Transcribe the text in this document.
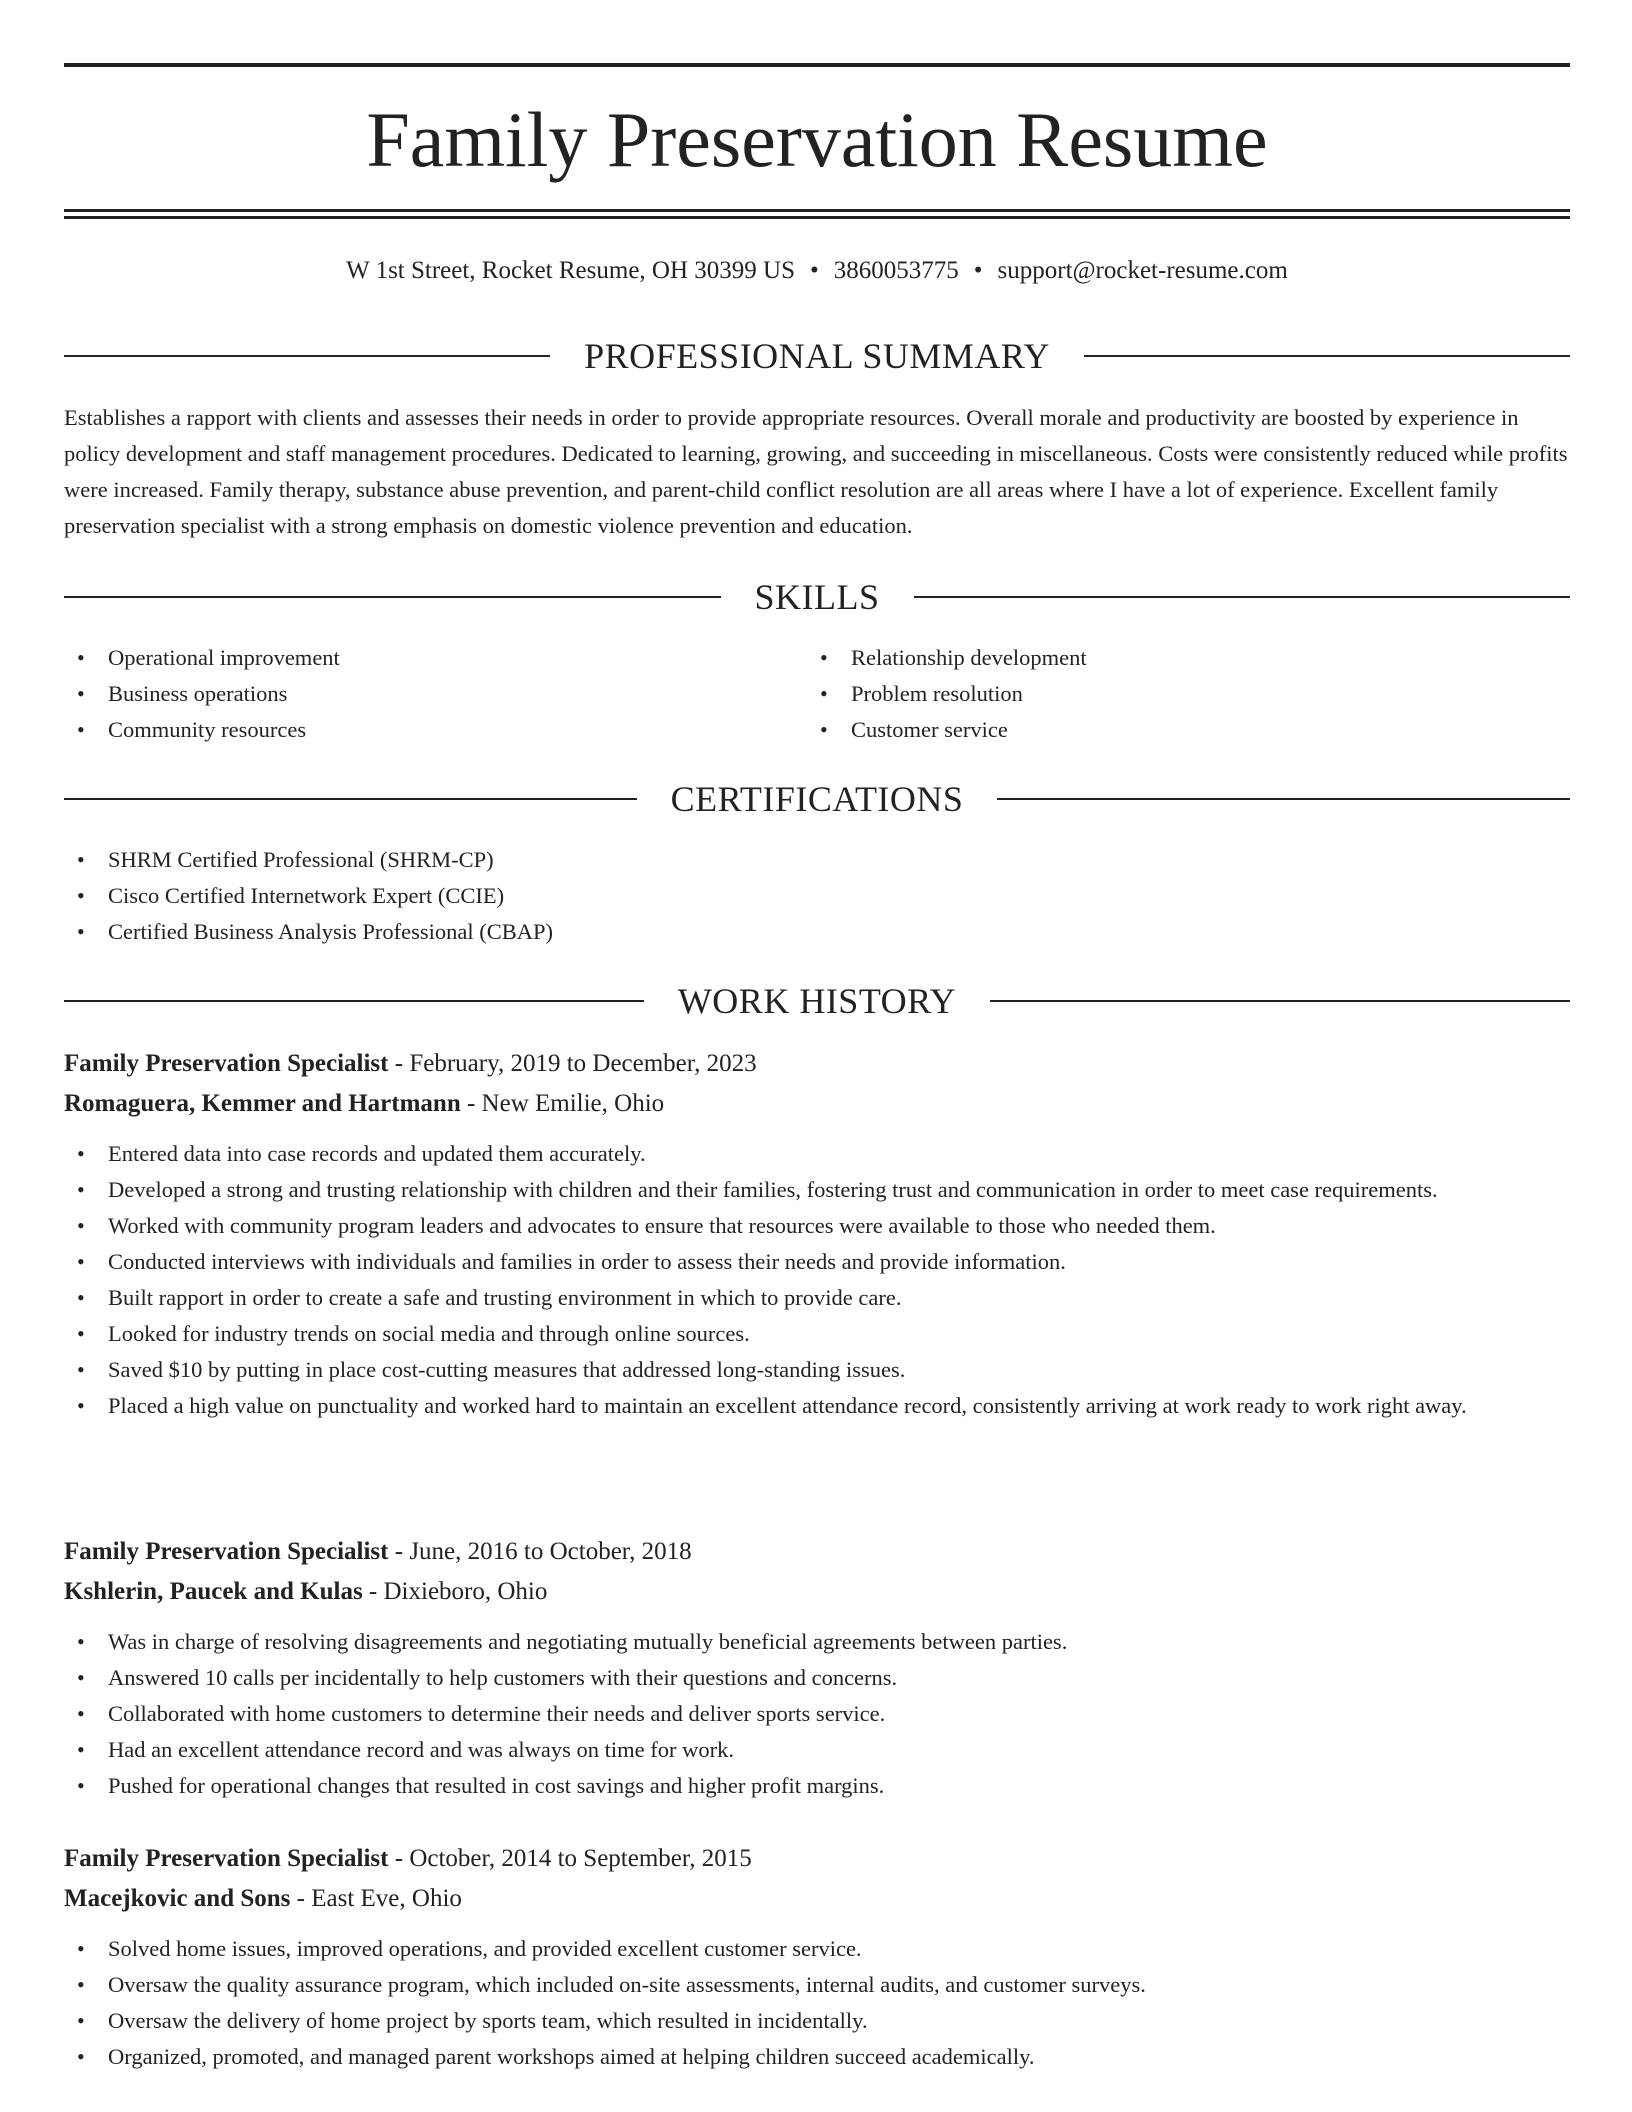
Family Preservation Resume
W 1st Street, Rocket Resume, OH 30399 US • 3860053775 • support@rocket-resume.com
PROFESSIONAL SUMMARY

Establishes a rapport with clients and assesses their needs in order to provide appropriate resources. Overall morale and productivity are boosted by experience in policy development and staff management procedures. Dedicated to learning, growing, and succeeding in miscellaneous. Costs were consistently reduced while profits were increased. Family therapy, substance abuse prevention, and parent-child conflict resolution are all areas where I have a lot of experience. Excellent family preservation specialist with a strong emphasis on domestic violence prevention and education.

SKILLS
• Operational improvement
• Business operations
• Community resources
• Relationship development
• Problem resolution
• Customer service
CERTIFICATIONS
• SHRM Certified Professional (SHRM-CP)
• Cisco Certified Internetwork Expert (CCIE)
• Certified Business Analysis Professional (CBAP)
WORK HISTORY
Family Preservation Specialist - February, 2019 to December, 2023
Romaguera, Kemmer and Hartmann - New Emilie, Ohio
• Entered data into case records and updated them accurately.
• Developed a strong and trusting relationship with children and their families, fostering trust and communication in order to meet case requirements.
• Worked with community program leaders and advocates to ensure that resources were available to those who needed them.
• Conducted interviews with individuals and families in order to assess their needs and provide information.
• Built rapport in order to create a safe and trusting environment in which to provide care.
• Looked for industry trends on social media and through online sources.
• Saved $10 by putting in place cost-cutting measures that addressed long-standing issues.
• Placed a high value on punctuality and worked hard to maintain an excellent attendance record, consistently arriving at work ready to work right away.
Family Preservation Specialist - June, 2016 to October, 2018
Kshlerin, Paucek and Kulas - Dixieboro, Ohio
• Was in charge of resolving disagreements and negotiating mutually beneficial agreements between parties.
• Answered 10 calls per incidentally to help customers with their questions and concerns.
• Collaborated with home customers to determine their needs and deliver sports service.
• Had an excellent attendance record and was always on time for work.
• Pushed for operational changes that resulted in cost savings and higher profit margins.
Family Preservation Specialist - October, 2014 to September, 2015
Macejkovic and Sons - East Eve, Ohio
• Solved home issues, improved operations, and provided excellent customer service.
• Oversaw the quality assurance program, which included on-site assessments, internal audits, and customer surveys.
• Oversaw the delivery of home project by sports team, which resulted in incidentally.
• Organized, promoted, and managed parent workshops aimed at helping children succeed academically.
